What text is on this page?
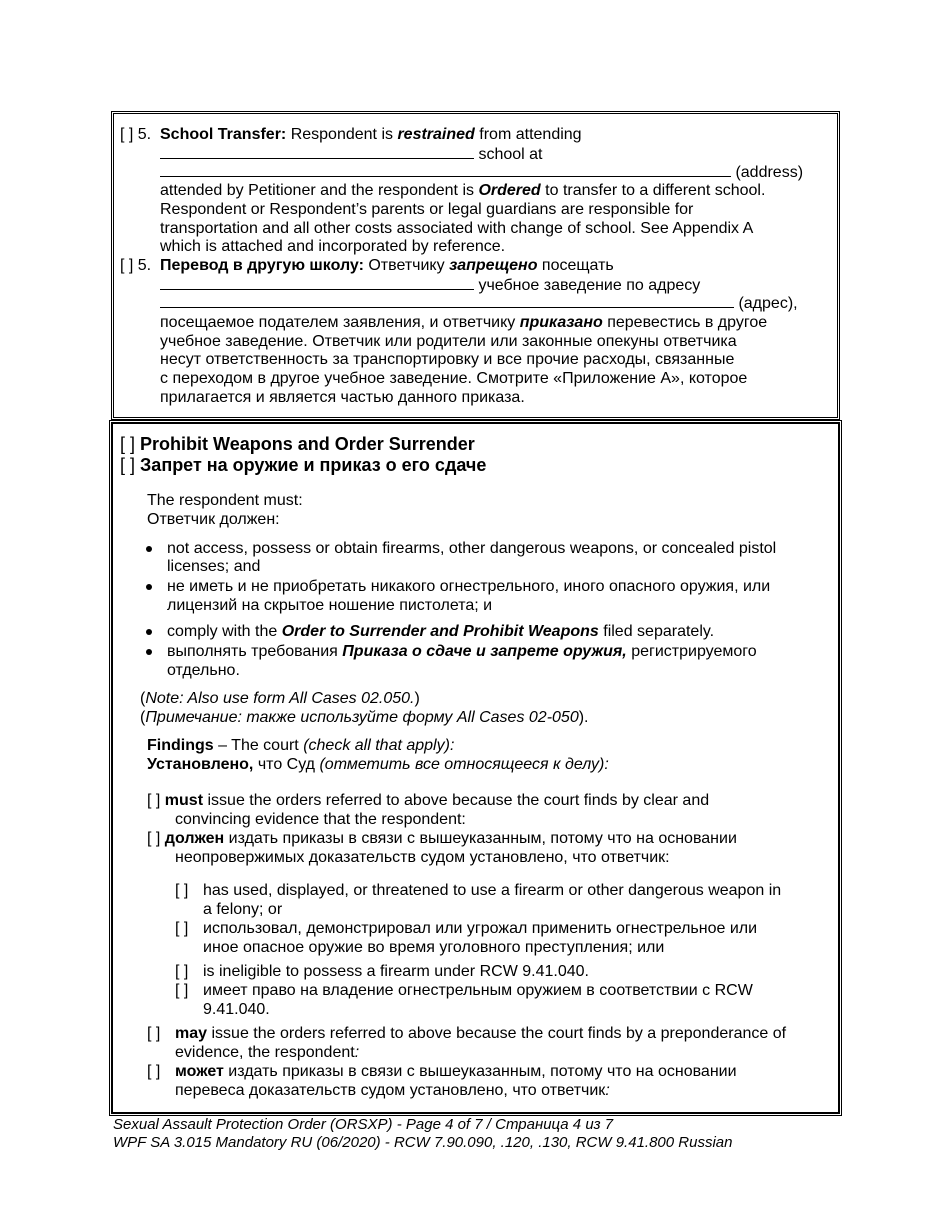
[ ] 5. School Transfer: Respondent is restrained from attending
school at
(address)
attended by Petitioner and the respondent is Ordered to transfer to a different school.
Respondent or Respondent’s parents or legal guardians are responsible for
transportation and all other costs associated with change of school. See Appendix A
which is attached and incorporated by reference.
[ ] 5. Перевод в другую школу: Ответчику запрещено посещать
учебное заведение по адресу
(адрес),
посещаемое подателем заявления, и ответчику приказано перевестись в другое
учебное заведение. Ответчик или родители или законные опекуны ответчика
несут ответственность за транспортировку и все прочие расходы, связанные
с переходом в другое учебное заведение. Смотрите «Приложение А», которое
прилагается и является частью данного приказа.
[ ] Prohibit Weapons and Order Surrender
[ ] Запрет на оружие и приказ о его сдаче
The respondent must:
Ответчик должен:
not access, possess or obtain firearms, other dangerous weapons, or concealed pistol
licenses; and
не иметь и не приобретать никакого огнестрельного, иного опасного оружия, или
лицензий на скрытое ношение пистолета; и
comply with the Order to Surrender and Prohibit Weapons filed separately.
выполнять требования Приказа о сдаче и запрете оружия, регистрируемого
отдельно.
(Note: Also use form All Cases 02.050.)
(Примечание: также используйте форму All Cases 02-050).
Findings – The court (check all that apply):
Установлено, что Суд (отметить все относящееся к делу):
[ ] must issue the orders referred to above because the court finds by clear and
convincing evidence that the respondent:
[ ] должен издать приказы в связи с вышеуказанным, потому что на основании
неопровержимых доказательств судом установлено, что ответчик:
[ ] has used, displayed, or threatened to use a firearm or other dangerous weapon in
a felony; or
[ ] использовал, демонстрировал или угрожал применить огнестрельное или
иное опасное оружие во время уголовного преступления; или
[ ] is ineligible to possess a firearm under RCW 9.41.040.
[ ] имеет право на владение огнестрельным оружием в соответствии с RCW
9.41.040.
[ ] may issue the orders referred to above because the court finds by a preponderance of
evidence, the respondent:
[ ] может издать приказы в связи с вышеуказанным, потому что на основании
перевеса доказательств судом установлено, что ответчик:
Sexual Assault Protection Order (ORSXP) - Page 4 of 7 / Страница 4 из 7
WPF SA 3.015 Mandatory RU (06/2020) - RCW 7.90.090, .120, .130, RCW 9.41.800 Russian
